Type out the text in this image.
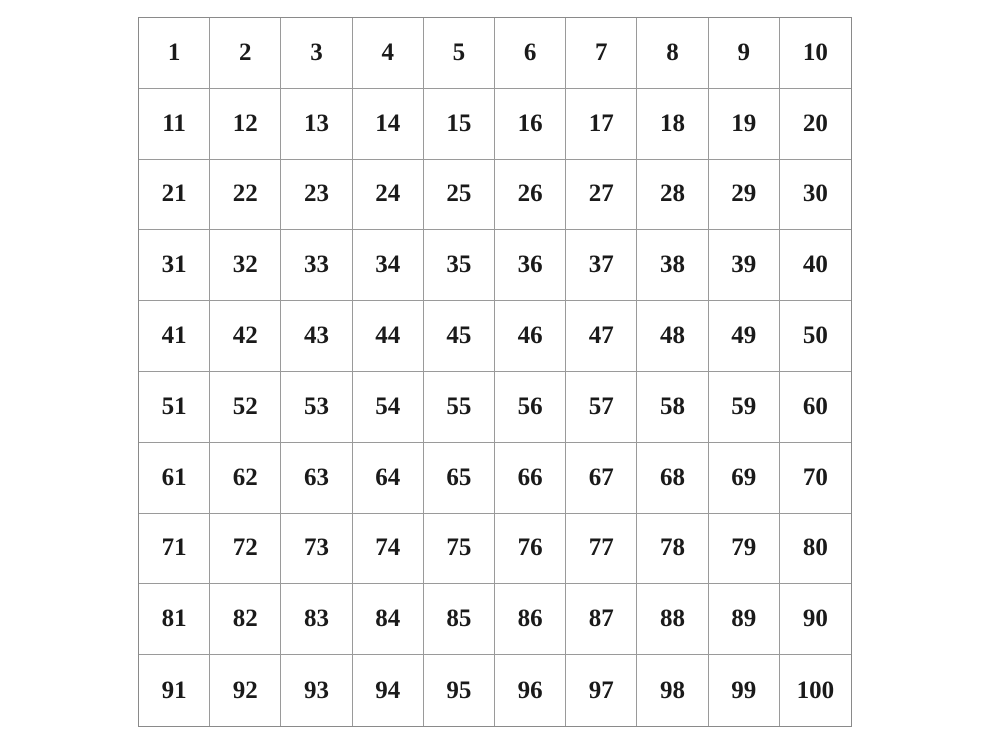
1	2	3	4	5	6	7	8	9	10
11	12	13	14	15	16	17	18	19	20
21	22	23	24	25	26	27	28	29	30
31	32	33	34	35	36	37	38	39	40
41	42	43	44	45	46	47	48	49	50
51	52	53	54	55	56	57	58	59	60
61	62	63	64	65	66	67	68	69	70
71	72	73	74	75	76	77	78	79	80
81	82	83	84	85	86	87	88	89	90
91	92	93	94	95	96	97	98	99	100
